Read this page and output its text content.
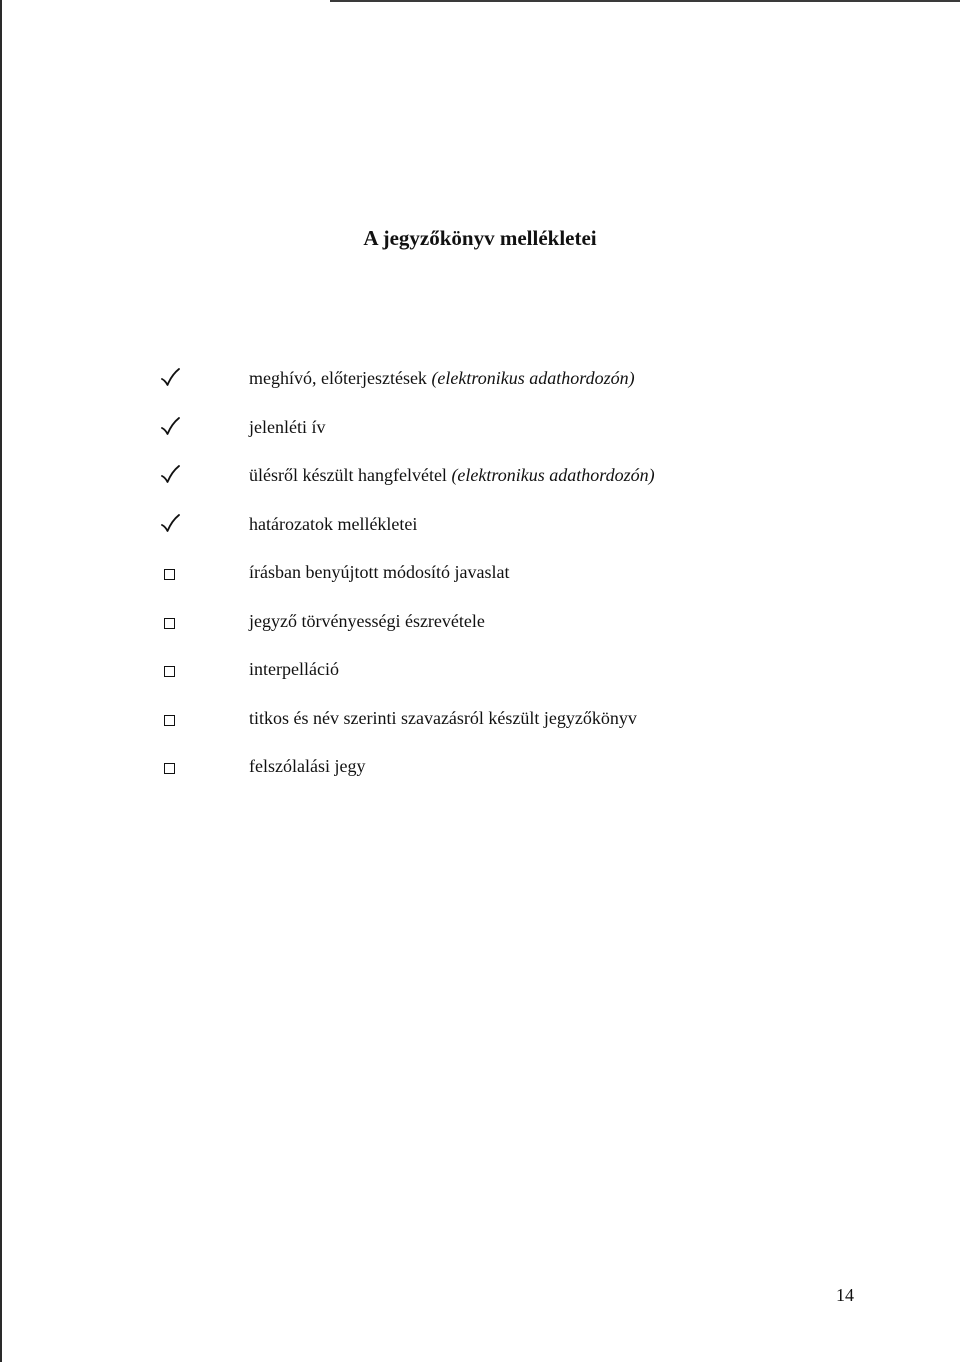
A jegyzőkönyv mellékletei
meghívó, előterjesztések (elektronikus adathordozón)
jelenléti ív
ülésről készült hangfelvétel (elektronikus adathordozón)
határozatok mellékletei
írásban benyújtott módosító javaslat
jegyző törvényességi észrevétele
interpelláció
titkos és név szerinti szavazásról készült jegyzőkönyv
felszólalási jegy
14
